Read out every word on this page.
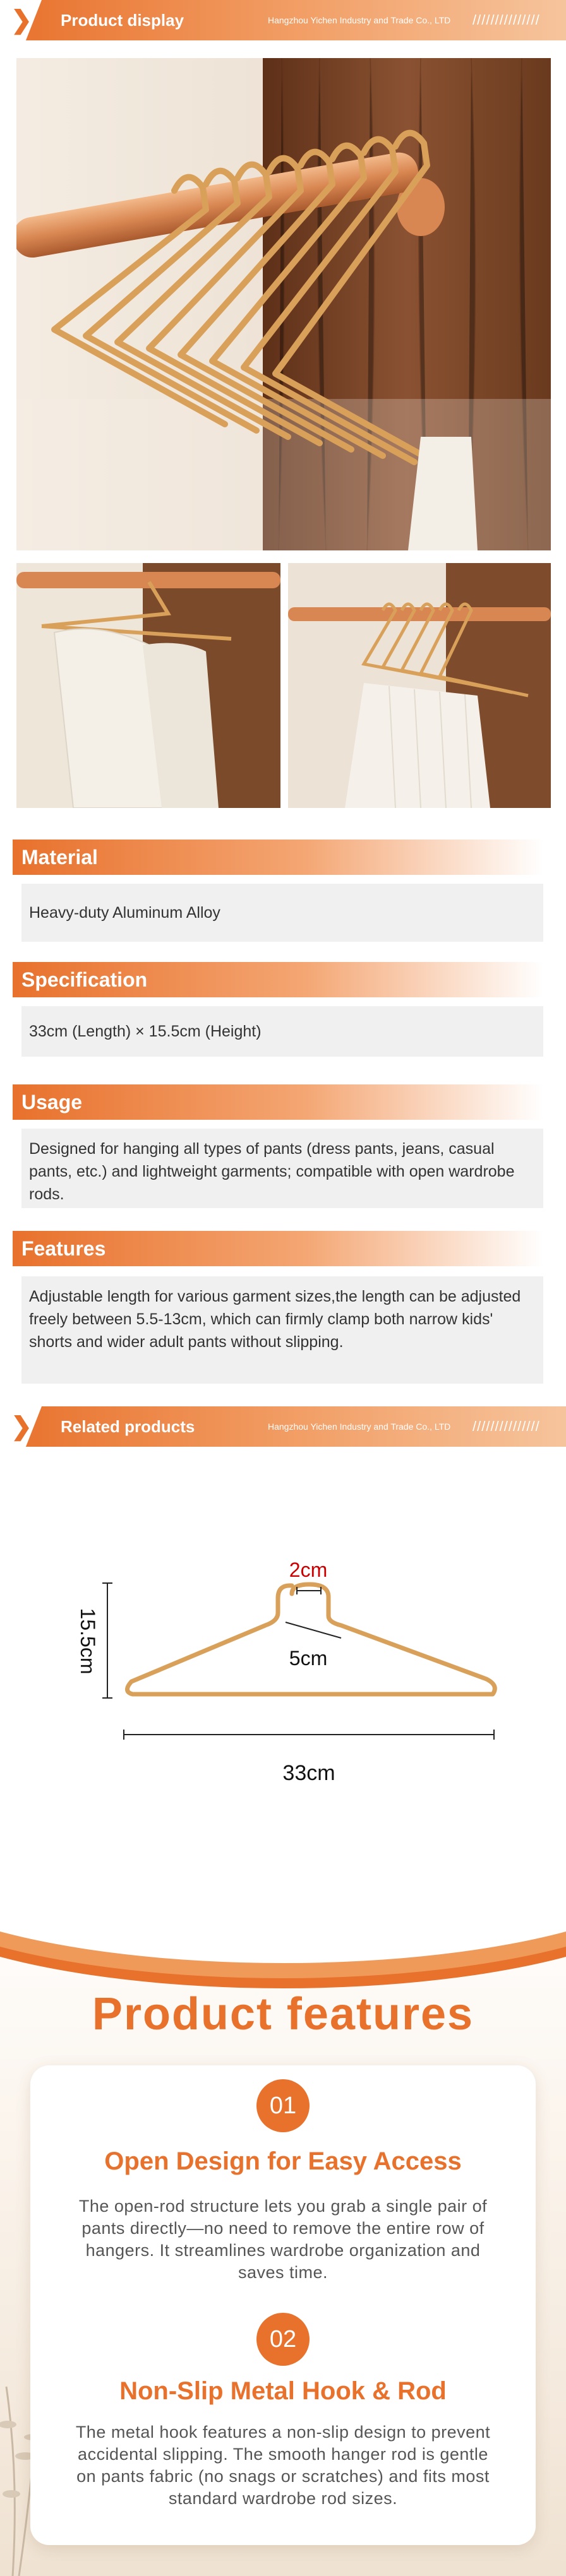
❯ Product display	Hangzhou Yichen Industry and Trade Co., LTD ///////////////
Material
Heavy-duty Aluminum Alloy
Specification
33cm (Length) × 15.5cm (Height)
Usage
Designed for hanging all types of pants (dress pants, jeans, casual pants, etc.) and lightweight garments; compatible with open wardrobe rods.
Features
Adjustable length for various garment sizes,the length can be adjusted freely between 5.5-13cm, which can firmly clamp both narrow kids' shorts and wider adult pants without slipping.
❯ Related products	Hangzhou Yichen Industry and Trade Co., LTD ///////////////
2cm
5cm
15.5cm
33cm
Product features
01
Open Design for Easy Access
The open-rod structure lets you grab a single pair of pants directly—no need to remove the entire row of hangers. It streamlines wardrobe organization and saves time.
02
Non-Slip Metal Hook & Rod
The metal hook features a non-slip design to prevent accidental slipping. The smooth hanger rod is gentle on pants fabric (no snags or scratches) and fits most standard wardrobe rod sizes.
